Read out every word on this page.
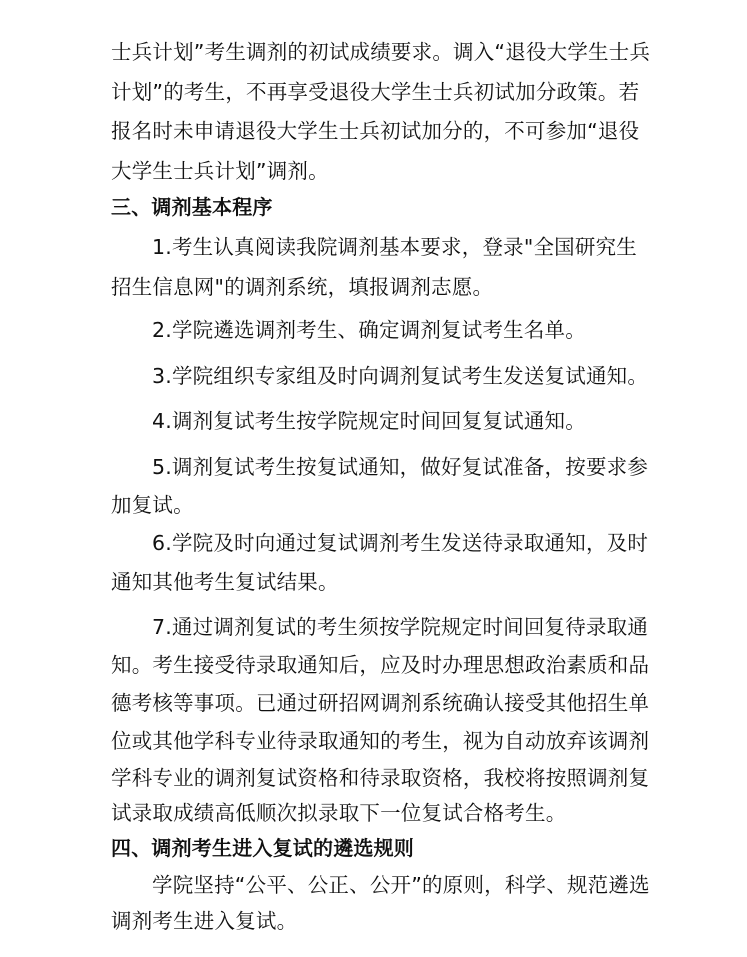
士兵计划”考生调剂的初试成绩要求。调入“退役大学生士兵
计划”的考生，不再享受退役大学生士兵初试加分政策。若
报名时未申请退役大学生士兵初试加分的，不可参加“退役
大学生士兵计划”调剂。
三、调剂基本程序
1.考生认真阅读我院调剂基本要求，登录"全国研究生
招生信息网"的调剂系统，填报调剂志愿。
2.学院遴选调剂考生、确定调剂复试考生名单。
3.学院组织专家组及时向调剂复试考生发送复试通知。
4.调剂复试考生按学院规定时间回复复试通知。
5.调剂复试考生按复试通知，做好复试准备，按要求参
加复试。
6.学院及时向通过复试调剂考生发送待录取通知，及时
通知其他考生复试结果。
7.通过调剂复试的考生须按学院规定时间回复待录取通
知。考生接受待录取通知后，应及时办理思想政治素质和品
德考核等事项。已通过研招网调剂系统确认接受其他招生单
位或其他学科专业待录取通知的考生，视为自动放弃该调剂
学科专业的调剂复试资格和待录取资格，我校将按照调剂复
试录取成绩高低顺次拟录取下一位复试合格考生。
四、调剂考生进入复试的遴选规则
学院坚持“公平、公正、公开”的原则，科学、规范遴选
调剂考生进入复试。
